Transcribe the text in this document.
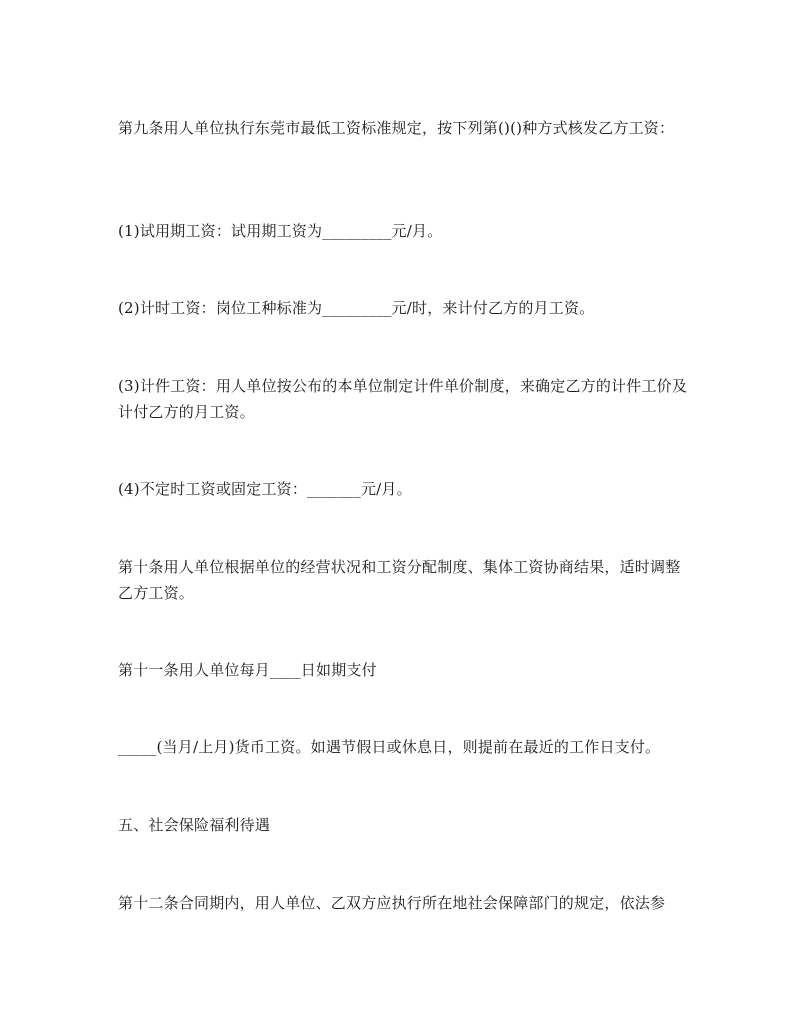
第九条用人单位执行东莞市最低工资标准规定，按下列第()()种方式核发乙方工资：

(1)试用期工资：试用期工资为_________元/月。

(2)计时工资：岗位工种标准为_________元/时，来计付乙方的月工资。

(3)计件工资：用人单位按公布的本单位制定计件单价制度，来确定乙方的计件工价及计付乙方的月工资。

(4)不定时工资或固定工资：_______元/月。

第十条用人单位根据单位的经营状况和工资分配制度、集体工资协商结果，适时调整乙方工资。

第十一条用人单位每月____日如期支付

_____(当月/上月)货币工资。如遇节假日或休息日，则提前在最近的工作日支付。

五、社会保险福利待遇

第十二条合同期内，用人单位、乙双方应执行所在地社会保障部门的规定，依法参
